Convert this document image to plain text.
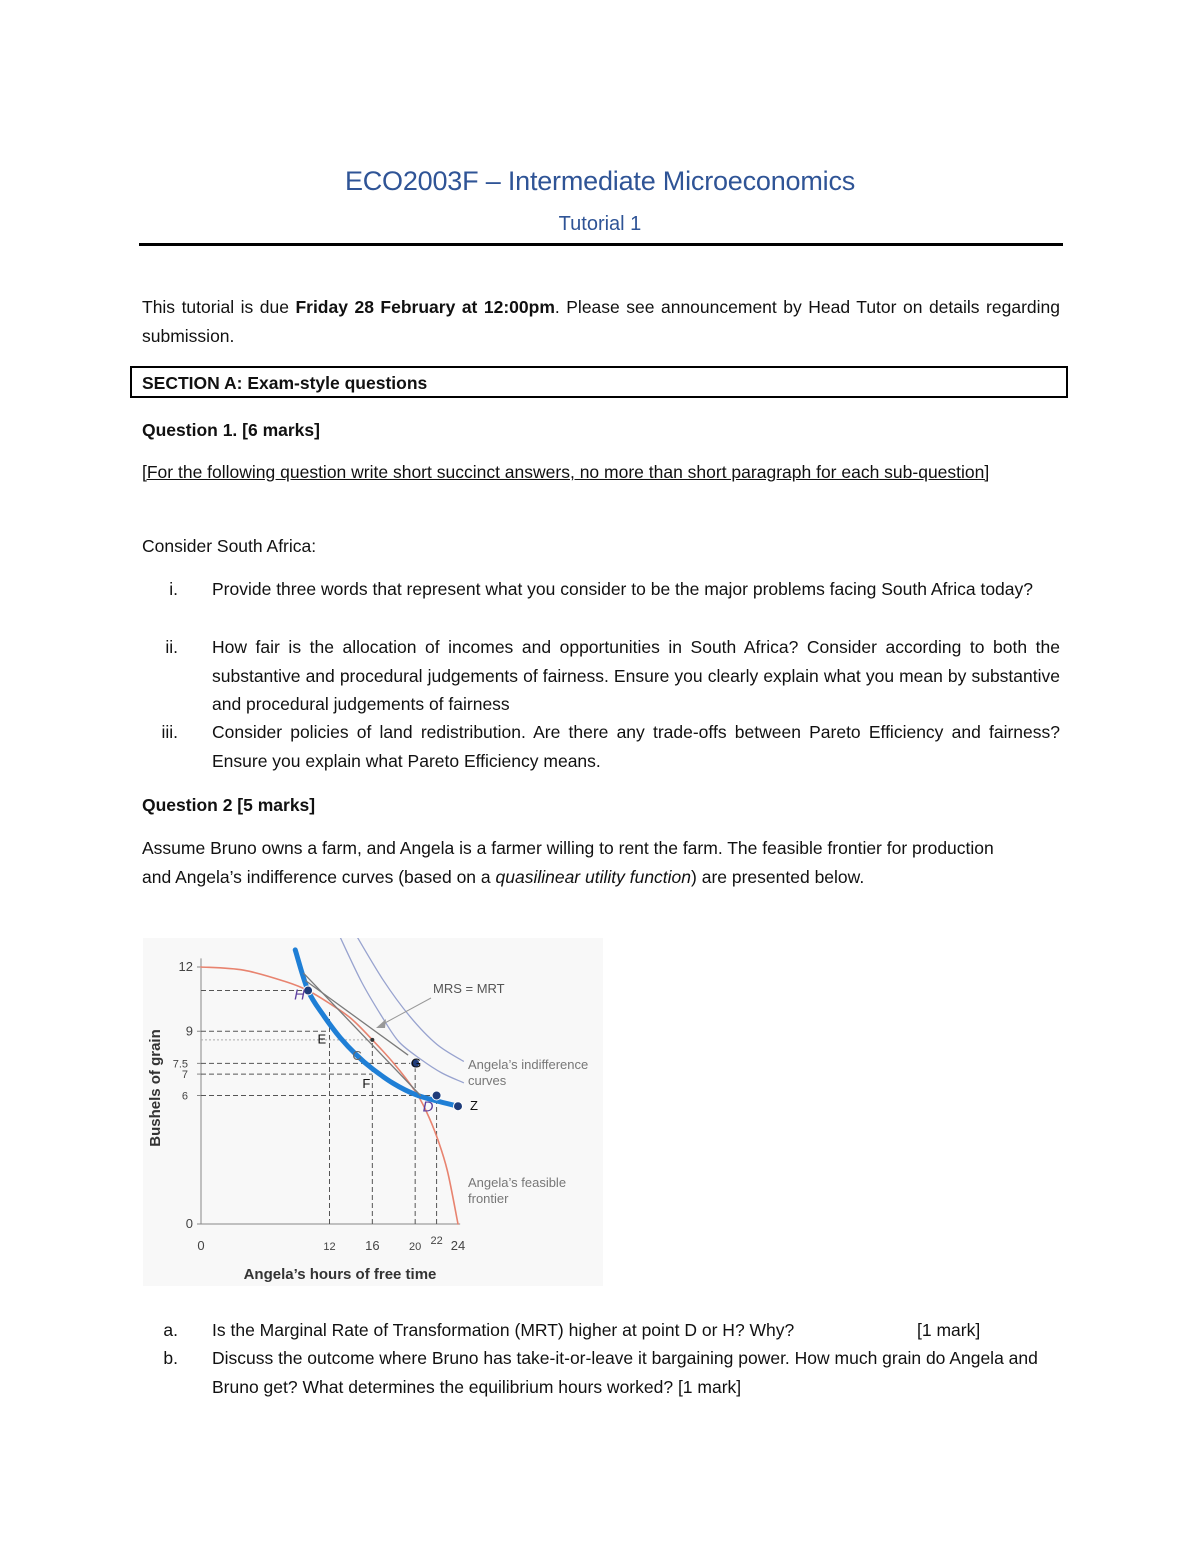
ECO2003F – Intermediate Microeconomics
Tutorial 1
This tutorial is due Friday 28 February at 12:00pm. Please see announcement by Head Tutor on details regarding submission.
SECTION A: Exam-style questions
Question 1. [6 marks]
[For the following question write short succinct answers, no more than short paragraph for each sub-question]
Consider South Africa:
i. Provide three words that represent what you consider to be the major problems facing South Africa today?
ii. How fair is the allocation of incomes and opportunities in South Africa? Consider according to both the substantive and procedural judgements of fairness. Ensure you clearly explain what you mean by substantive and procedural judgements of fairness
iii. Consider policies of land redistribution. Are there any trade-offs between Pareto Efficiency and fairness? Ensure you explain what Pareto Efficiency means.
Question 2 [5 marks]
Assume Bruno owns a farm, and Angela is a farmer willing to rent the farm. The feasible frontier for production and Angela’s indifference curves (based on a quasilinear utility function) are presented below.
0
6
7
7.5
9
12
0	12 16	20 22 24
Angela’s hours of free time
Bushels of grain
H
E
C
F
G
D	Z
MRS = MRT
Angela’s indifference curves
Angela’s feasible frontier
a. Is the Marginal Rate of Transformation (MRT) higher at point D or H? Why?	[1 mark]
b. Discuss the outcome where Bruno has take-it-or-leave it bargaining power. How much grain do Angela and Bruno get? What determines the equilibrium hours worked? [1 mark]
